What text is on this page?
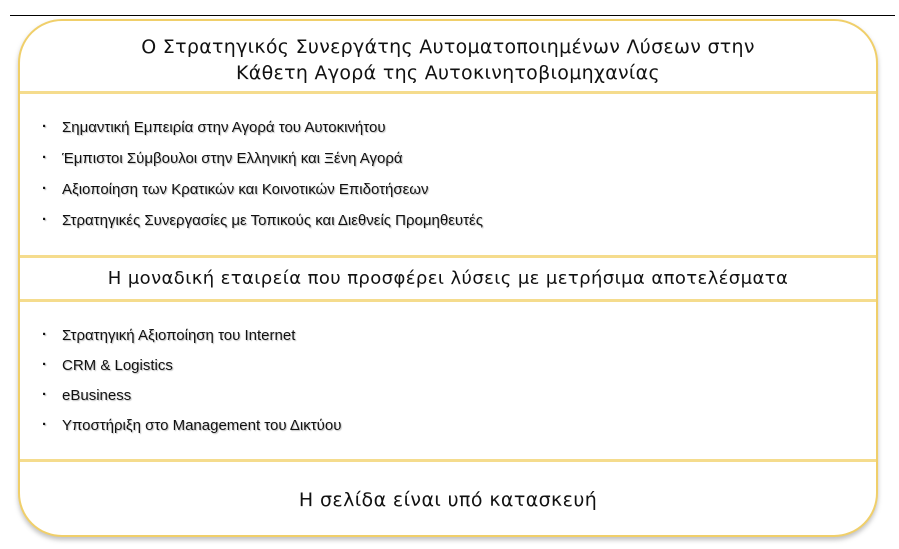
Ο Στρατηγικός Συνεργάτης Αυτοματοποιημένων Λύσεων στην
Κάθετη Αγορά της Αυτοκινητοβιομηχανίας
· Σημαντική Εμπειρία στην Αγορά του Αυτοκινήτου
· Έμπιστοι Σύμβουλοι στην Ελληνική και Ξένη Αγορά
· Αξιοποίηση των Κρατικών και Κοινοτικών Επιδοτήσεων
· Στρατηγικές Συνεργασίες με Τοπικούς και Διεθνείς Προμηθευτές
Η μοναδική εταιρεία που προσφέρει λύσεις με μετρήσιμα αποτελέσματα
· Στρατηγική Αξιοποίηση του Internet
· CRM & Logistics
· eBusiness
· Υποστήριξη στο Management του Δικτύου
Η σελίδα είναι υπό κατασκευή
